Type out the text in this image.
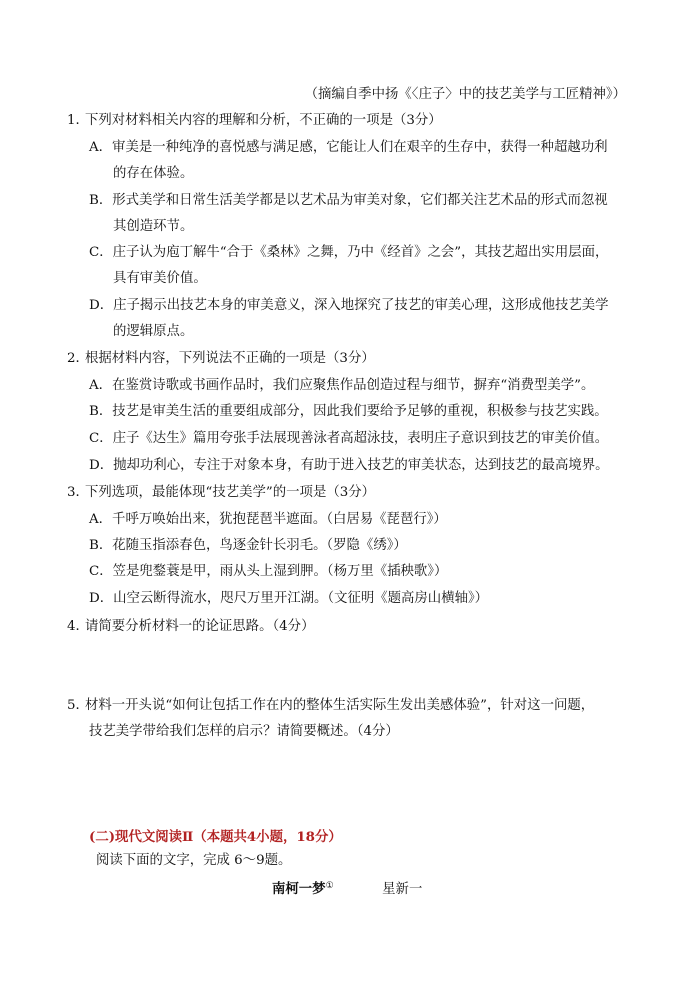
（摘编自季中扬《〈庄子〉中的技艺美学与工匠精神》）
1．下列对材料相关内容的理解和分析，不正确的一项是（3分）
A．审美是一种纯净的喜悦感与满足感，它能让人们在艰辛的生存中，获得一种超越功利
的存在体验。
B．形式美学和日常生活美学都是以艺术品为审美对象，它们都关注艺术品的形式而忽视
其创造环节。
C．庄子认为庖丁解牛“合于《桑林》之舞，乃中《经首》之会”，其技艺超出实用层面，
具有审美价值。
D．庄子揭示出技艺本身的审美意义，深入地探究了技艺的审美心理，这形成他技艺美学
的逻辑原点。
2．根据材料内容，下列说法不正确的一项是（3分）
A．在鉴赏诗歌或书画作品时，我们应聚焦作品创造过程与细节，摒弃“消费型美学”。
B．技艺是审美生活的重要组成部分，因此我们要给予足够的重视，积极参与技艺实践。
C．庄子《达生》篇用夸张手法展现善泳者高超泳技，表明庄子意识到技艺的审美价值。
D．抛却功利心，专注于对象本身，有助于进入技艺的审美状态，达到技艺的最高境界。
3．下列选项，最能体现“技艺美学”的一项是（3分）
A．千呼万唤始出来，犹抱琵琶半遮面。（白居易《琵琶行》）
B．花随玉指添春色，鸟逐金针长羽毛。（罗隐《绣》）
C．笠是兜鍪蓑是甲，雨从头上湿到胛。（杨万里《插秧歌》）
D．山空云断得流水，咫尺万里开江湖。（文征明《题高房山横轴》）
4．请简要分析材料一的论证思路。（4分）
5．材料一开头说“如何让包括工作在内的整体生活实际生发出美感体验”，针对这一问题，
技艺美学带给我们怎样的启示？请简要概述。（4分）
(二)现代文阅读Ⅱ（本题共4小题，18分）
阅读下面的文字，完成 6～9题。
南柯一梦①	星新一
